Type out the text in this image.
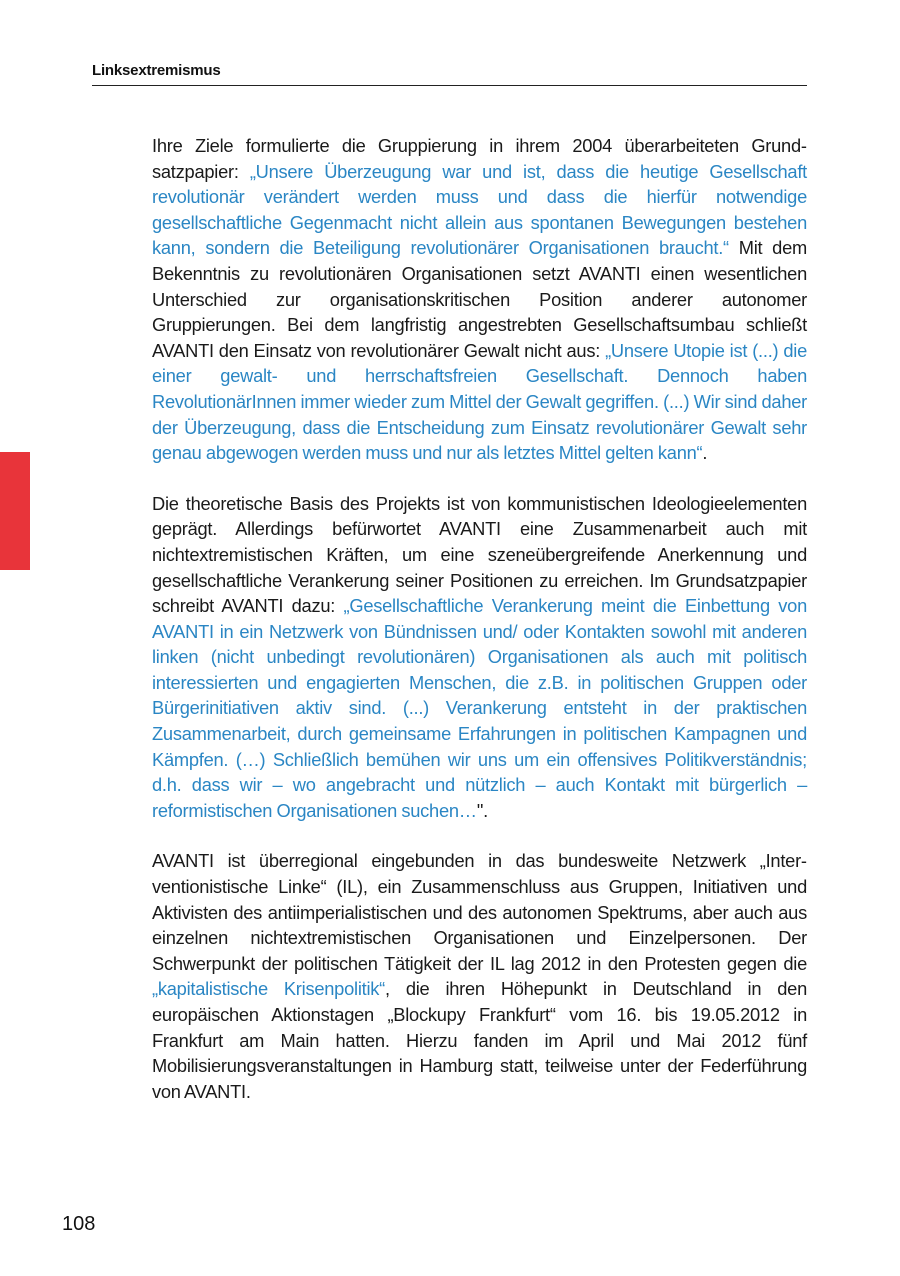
Linksextremismus

Ihre Ziele formulierte die Gruppierung in ihrem 2004 überarbeiteten Grundsatzpapier: „Unsere Überzeugung war und ist, dass die heutige Gesellschaft revolutionär verändert werden muss und dass die hierfür notwendige gesellschaftliche Gegenmacht nicht allein aus spontanen Bewegungen bestehen kann, sondern die Beteiligung revolutionärer Organisationen braucht.“ Mit dem Bekenntnis zu revolutionären Organisationen setzt AVANTI einen wesentlichen Unterschied zur organisationskritischen Position anderer autonomer Gruppierungen. Bei dem langfristig angestrebten Gesellschaftsumbau schließt AVANTI den Einsatz von revolutionärer Gewalt nicht aus: „Unsere Utopie ist (...) die einer gewalt- und herrschaftsfreien Gesellschaft. Dennoch haben RevolutionärInnen immer wieder zum Mittel der Gewalt gegriffen. (...) Wir sind daher der Überzeugung, dass die Entscheidung zum Einsatz revolutionärer Gewalt sehr genau abgewogen werden muss und nur als letztes Mittel gelten kann“.

Die theoretische Basis des Projekts ist von kommunistischen Ideologieelementen geprägt. Allerdings befürwortet AVANTI eine Zusammenarbeit auch mit nichtextremistischen Kräften, um eine szeneübergreifende Anerkennung und gesellschaftliche Verankerung seiner Positionen zu erreichen. Im Grundsatzpapier schreibt AVANTI dazu: „Gesellschaftliche Verankerung meint die Einbettung von AVANTI in ein Netzwerk von Bündnissen und/ oder Kontakten sowohl mit anderen linken (nicht unbedingt revolutionären) Organisationen als auch mit politisch interessierten und engagierten Menschen, die z.B. in politischen Gruppen oder Bürgerinitiativen aktiv sind. (...) Verankerung entsteht in der praktischen Zusammenarbeit, durch gemeinsame Erfahrungen in politischen Kampagnen und Kämpfen. (…) Schließlich bemühen wir uns um ein offensives Politikverständnis; d.h. dass wir – wo angebracht und nützlich – auch Kontakt mit bürgerlich – reformistischen Organisationen suchen…".

AVANTI ist überregional eingebunden in das bundesweite Netzwerk „Interventionistische Linke“ (IL), ein Zusammenschluss aus Gruppen, Initiativen und Aktivisten des antiimperialistischen und des autonomen Spektrums, aber auch aus einzelnen nichtextremistischen Organisationen und Einzelpersonen. Der Schwerpunkt der politischen Tätigkeit der IL lag 2012 in den Protesten gegen die „kapitalistische Krisenpolitik“, die ihren Höhepunkt in Deutschland in den europäischen Aktionstagen „Blockupy Frankfurt“ vom 16. bis 19.05.2012 in Frankfurt am Main hatten. Hierzu fanden im April und Mai 2012 fünf Mobilisierungsveranstaltungen in Hamburg statt, teilweise unter der Federführung von AVANTI.

108
